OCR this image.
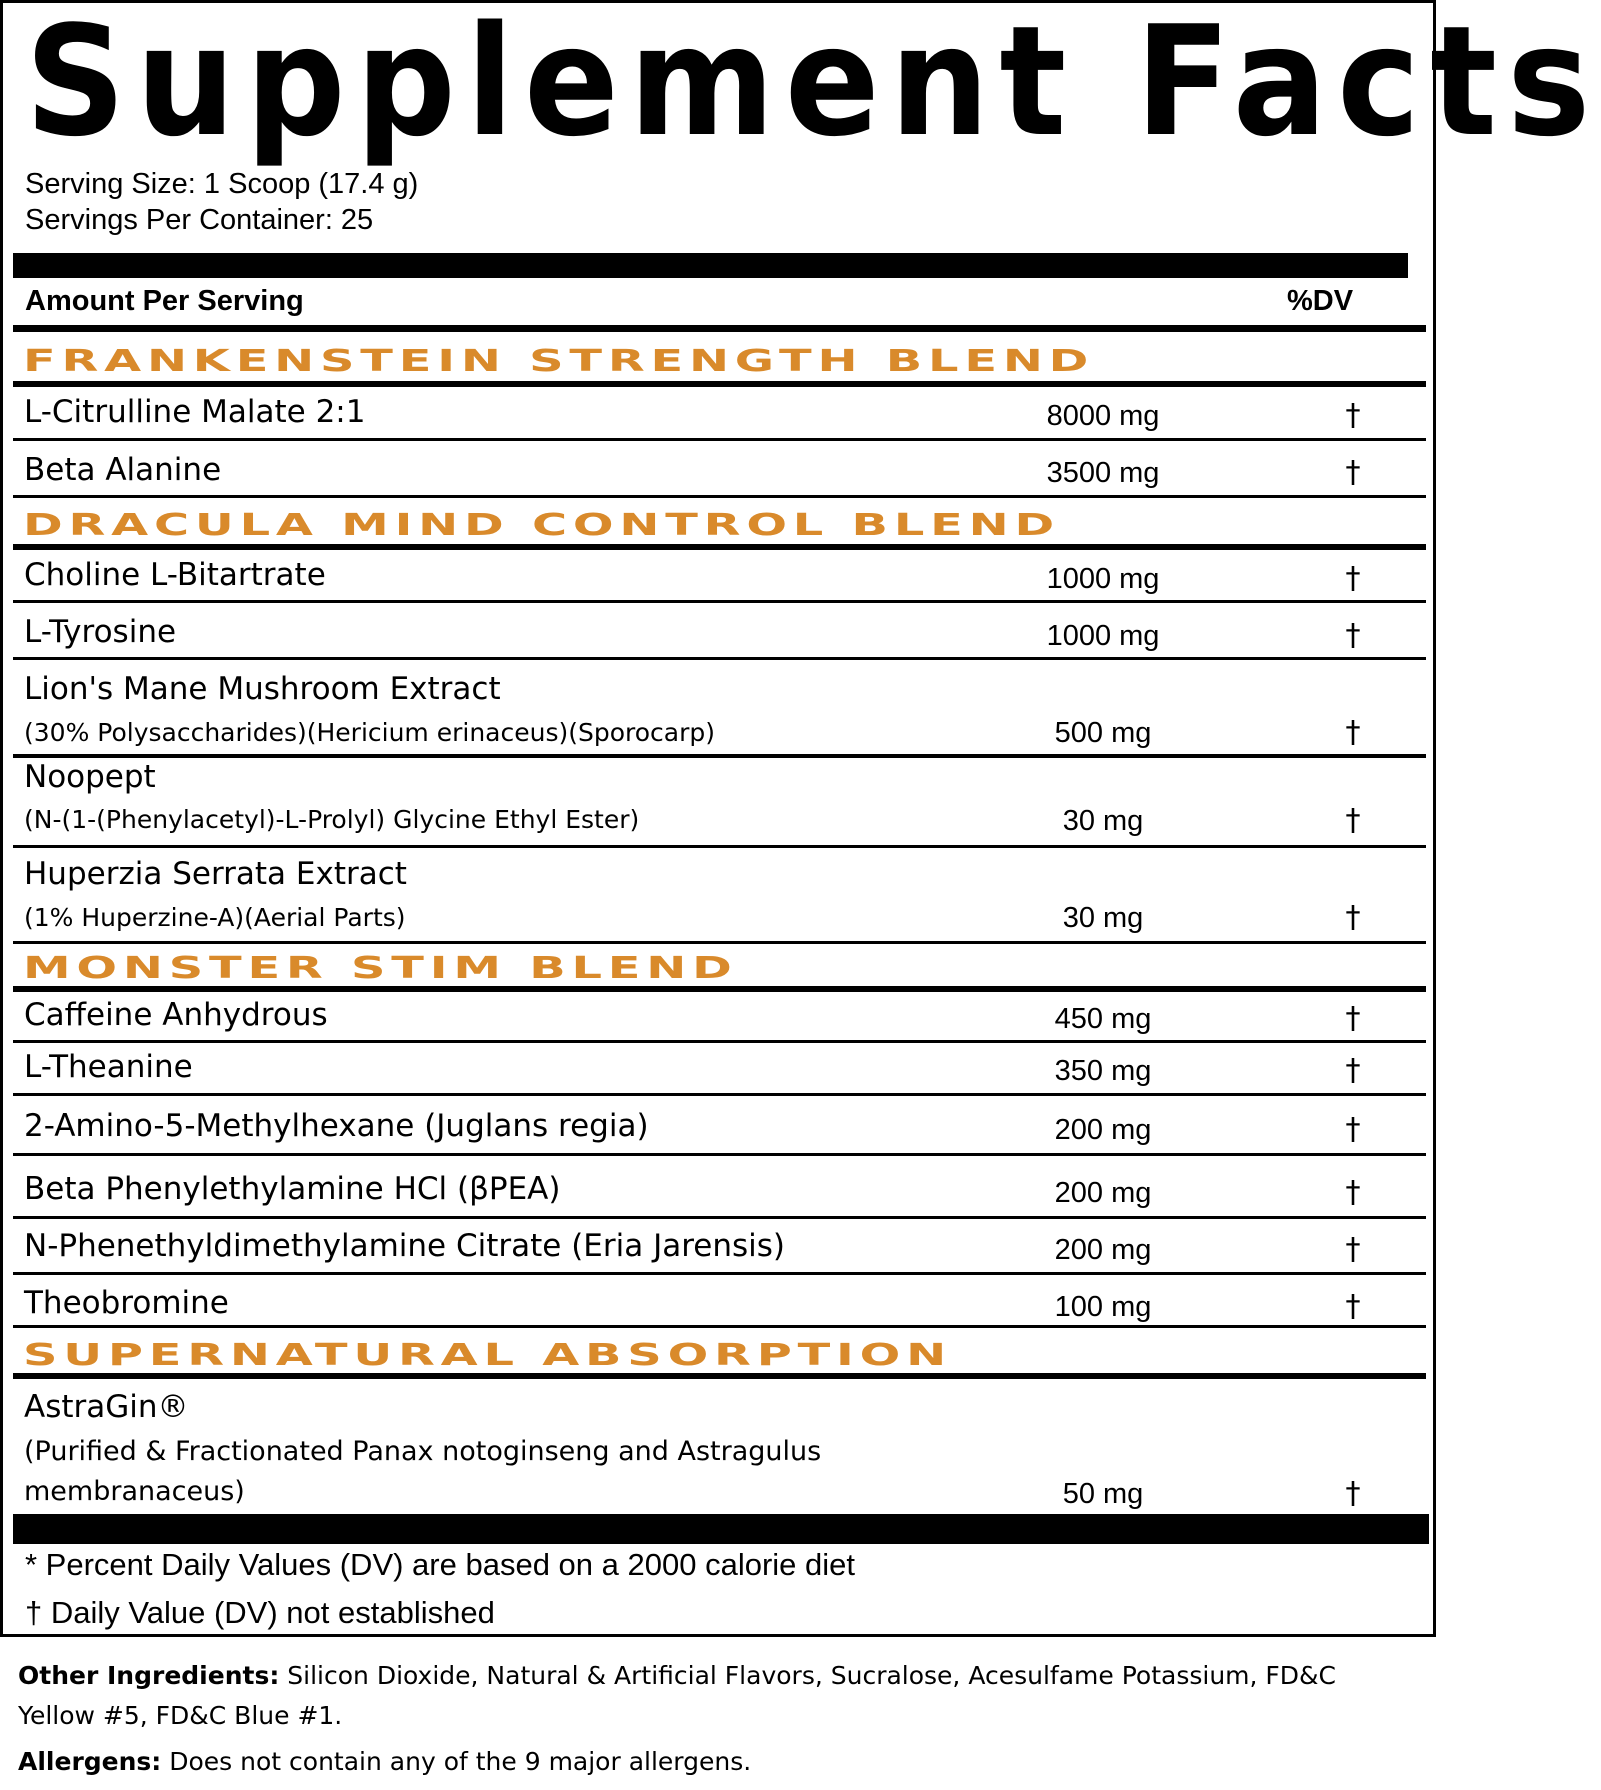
Supplement Facts
Serving Size: 1 Scoop (17.4 g)
Servings Per Container: 25
Amount Per Serving	%DV
FRANKENSTEIN STRENGTH BLEND
L-Citrulline Malate 2:1	8000 mg	†
Beta Alanine	3500 mg	†
DRACULA MIND CONTROL BLEND
Choline L-Bitartrate	1000 mg	†
L-Tyrosine	1000 mg	†
Lion's Mane Mushroom Extract
(30% Polysaccharides)(Hericium erinaceus)(Sporocarp)	500 mg	†
Noopept
(N-(1-(Phenylacetyl)-L-Prolyl) Glycine Ethyl Ester)	30 mg	†
Huperzia Serrata Extract
(1% Huperzine-A)(Aerial Parts)	30 mg	†
MONSTER STIM BLEND
Caffeine Anhydrous	450 mg	†
L-Theanine	350 mg	†
2-Amino-5-Methylhexane (Juglans regia)	200 mg	†
Beta Phenylethylamine HCl (βPEA)	200 mg	†
N-Phenethyldimethylamine Citrate (Eria Jarensis)	200 mg	†
Theobromine	100 mg	†
SUPERNATURAL ABSORPTION
AstraGin®
(Purified & Fractionated Panax notoginseng and Astragulus
membranaceus)	50 mg	†
* Percent Daily Values (DV) are based on a 2000 calorie diet
† Daily Value (DV) not established
Other Ingredients: Silicon Dioxide, Natural & Artificial Flavors, Sucralose, Acesulfame Potassium, FD&C Yellow #5, FD&C Blue #1.
Allergens: Does not contain any of the 9 major allergens.
